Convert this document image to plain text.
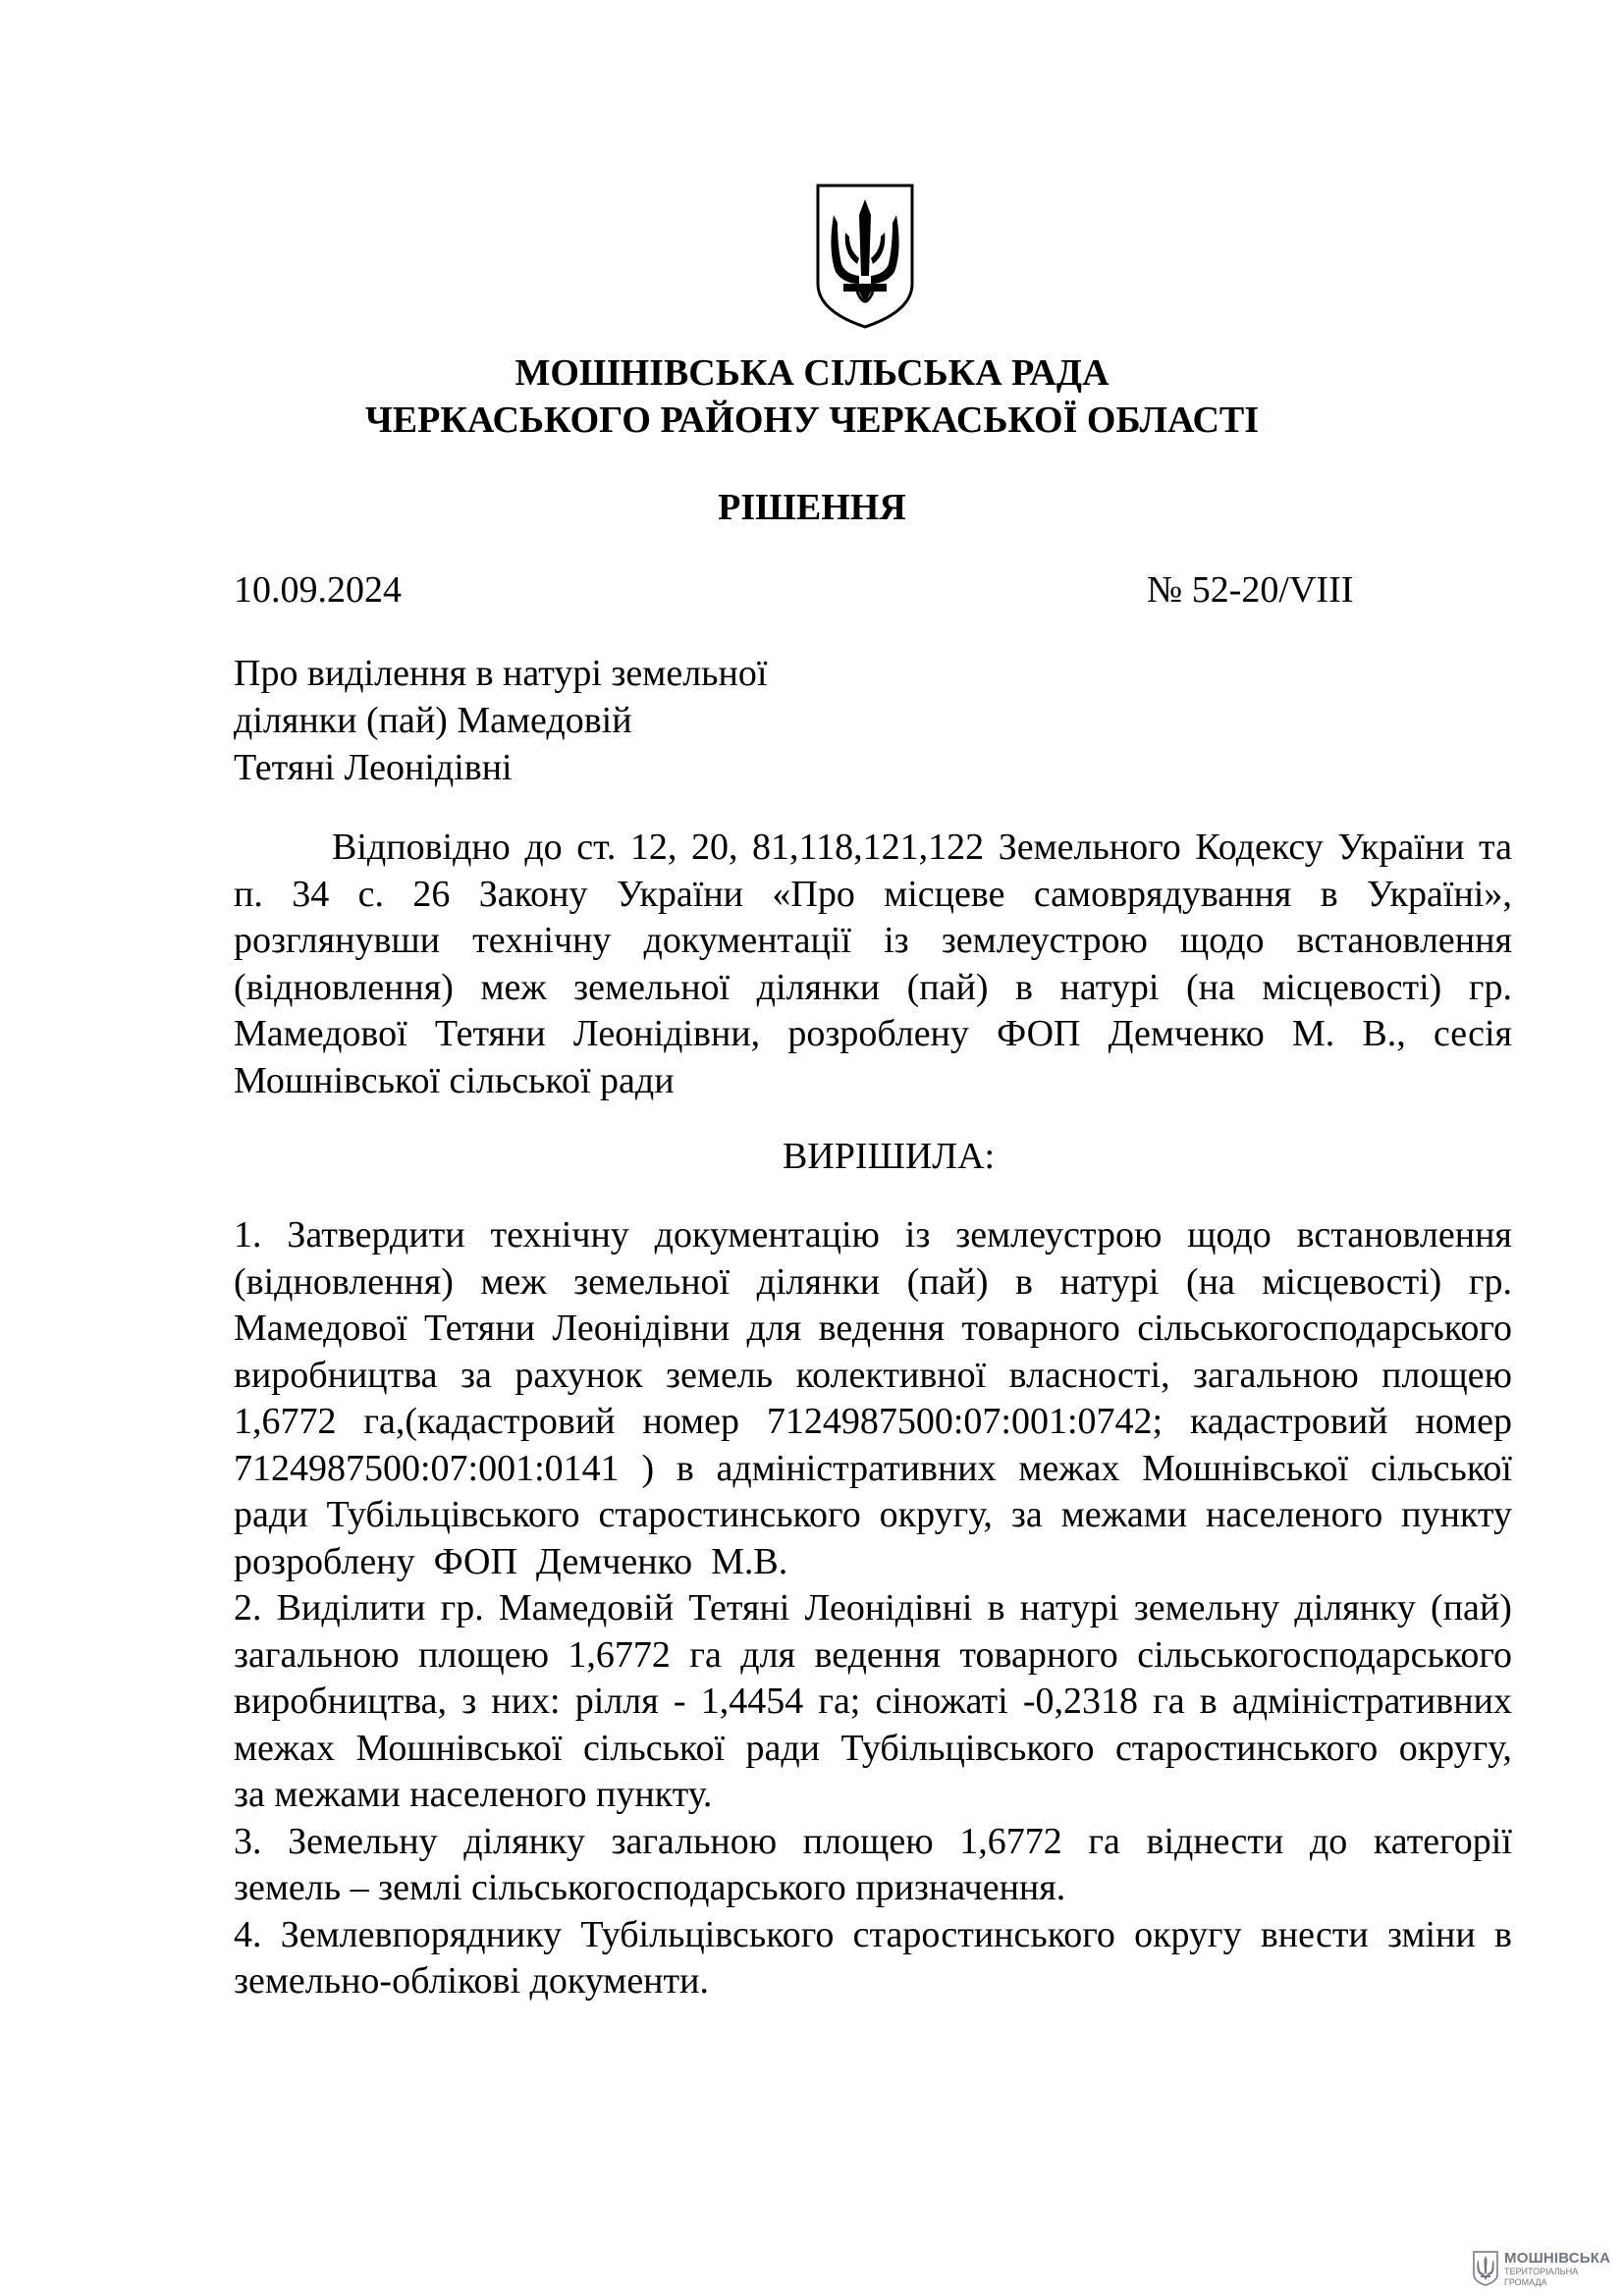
МОШНІВСЬКА СІЛЬСЬКА РАДА
ЧЕРКАСЬКОГО РАЙОНУ ЧЕРКАСЬКОЇ ОБЛАСТІ
РІШЕННЯ
10.09.2024	№ 52-20/VIII
Про виділення в натурі земельної
ділянки (пай) Мамедовій
Тетяні Леонідівні
Відповідно до ст. 12, 20, 81,118,121,122 Земельного Кодексу України та
п. 34 с. 26 Закону України «Про місцеве самоврядування в Україні»,
розглянувши технічну документації із землеустрою щодо встановлення
(відновлення) меж земельної ділянки (пай) в натурі (на місцевості) гр.
Мамедової Тетяни Леонідівни, розроблену ФОП Демченко М. В., сесія
Мошнівської сільської ради
ВИРІШИЛА:
1. Затвердити технічну документацію із землеустрою щодо встановлення
(відновлення) меж земельної ділянки (пай) в натурі (на місцевості) гр.
Мамедової Тетяни Леонідівни для ведення товарного сільськогосподарського
виробництва за рахунок земель колективної власності, загальною площею
1,6772 га,(кадастровий номер 7124987500:07:001:0742; кадастровий номер
7124987500:07:001:0141 ) в адміністративних межах Мошнівської сільської
ради Тубільцівського старостинського округу, за межами населеного пункту
розроблену  ФОП  Демченко  М.В.
2. Виділити гр. Мамедовій Тетяні Леонідівні в натурі земельну ділянку (пай)
загальною площею 1,6772 га для ведення товарного сільськогосподарського
виробництва, з них: рілля - 1,4454 га; сіножаті -0,2318 га в адміністративних
межах Мошнівської сільської ради Тубільцівського старостинського округу,
за межами населеного пункту.
3. Земельну ділянку загальною площею 1,6772 га віднести до категорії
земель – землі сільськогосподарського призначення.
4. Землевпоряднику Тубільцівського старостинського округу внести зміни в
земельно-облікові документи.
МОШНІВСЬКА
ТЕРИТОРІАЛЬНА
ГРОМАДА
